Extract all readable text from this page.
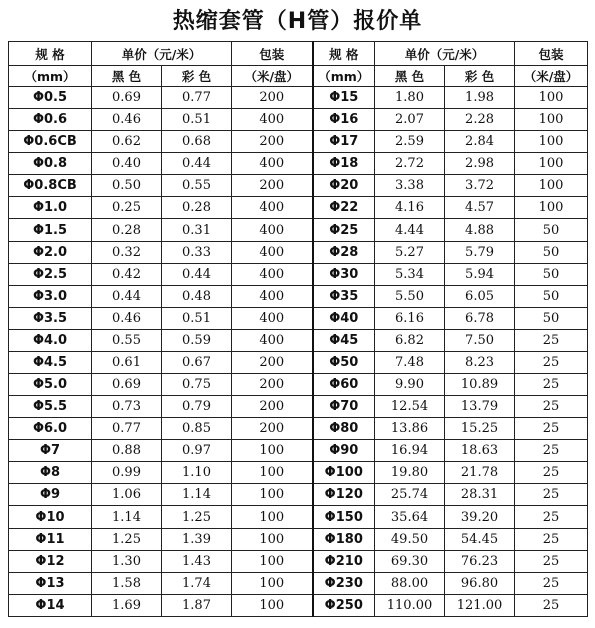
热缩套管（H管）报价单
规 格	单价（元/米）		包装	规 格	单价（元/米）		包装
（mm）	黑 色	彩 色	（米/盘）	（mm）	黑 色	彩 色	（米/盘）
Φ0.5	0.69	0.77	200	Φ15	1.80	1.98	100
Φ0.6	0.46	0.51	400	Φ16	2.07	2.28	100
Φ0.6CB	0.62	0.68	200	Φ17	2.59	2.84	100
Φ0.8	0.40	0.44	400	Φ18	2.72	2.98	100
Φ0.8CB	0.50	0.55	200	Φ20	3.38	3.72	100
Φ1.0	0.25	0.28	400	Φ22	4.16	4.57	100
Φ1.5	0.28	0.31	400	Φ25	4.44	4.88	50
Φ2.0	0.32	0.33	400	Φ28	5.27	5.79	50
Φ2.5	0.42	0.44	400	Φ30	5.34	5.94	50
Φ3.0	0.44	0.48	400	Φ35	5.50	6.05	50
Φ3.5	0.46	0.51	400	Φ40	6.16	6.78	50
Φ4.0	0.55	0.59	400	Φ45	6.82	7.50	25
Φ4.5	0.61	0.67	200	Φ50	7.48	8.23	25
Φ5.0	0.69	0.75	200	Φ60	9.90	10.89	25
Φ5.5	0.73	0.79	200	Φ70	12.54	13.79	25
Φ6.0	0.77	0.85	200	Φ80	13.86	15.25	25
Φ7	0.88	0.97	100	Φ90	16.94	18.63	25
Φ8	0.99	1.10	100	Φ100	19.80	21.78	25
Φ9	1.06	1.14	100	Φ120	25.74	28.31	25
Φ10	1.14	1.25	100	Φ150	35.64	39.20	25
Φ11	1.25	1.39	100	Φ180	49.50	54.45	25
Φ12	1.30	1.43	100	Φ210	69.30	76.23	25
Φ13	1.58	1.74	100	Φ230	88.00	96.80	25
Φ14	1.69	1.87	100	Φ250	110.00	121.00	25
